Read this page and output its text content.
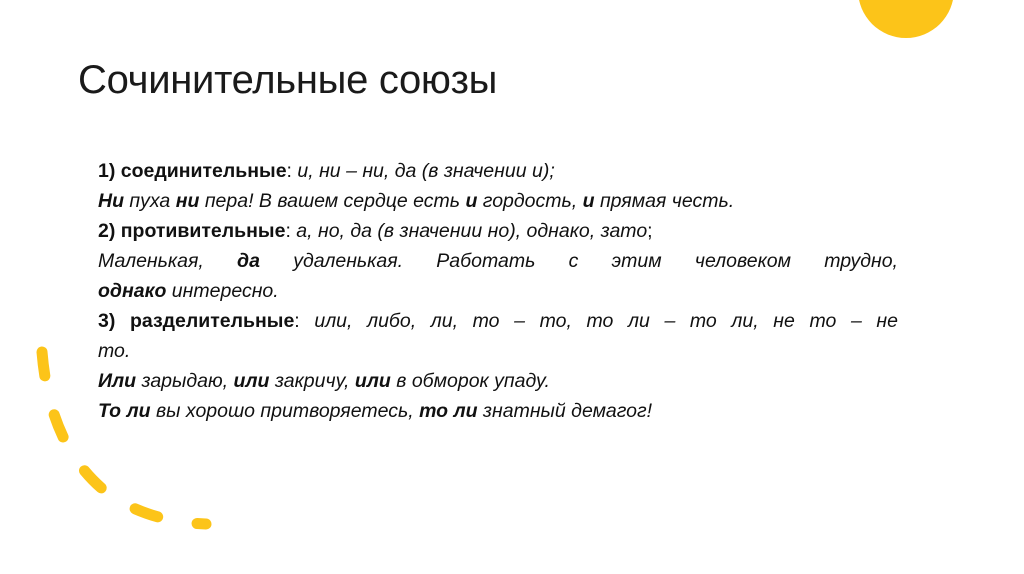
Сочинительные союзы
1) соединительные: и, ни – ни, да (в значении и);
Ни пуха ни пера! В вашем сердце есть и гордость, и прямая честь.
2) противительные: а, но, да (в значении но), однако, зато;
Маленькая, да удаленькая. Работать с этим человеком трудно,
однако интересно.
3) разделительные: или, либо, ли, то – то, то ли – то ли, не то – не
то.
Или зарыдаю, или закричу, или в обморок упаду.
То ли вы хорошо притворяетесь, то ли знатный демагог!
